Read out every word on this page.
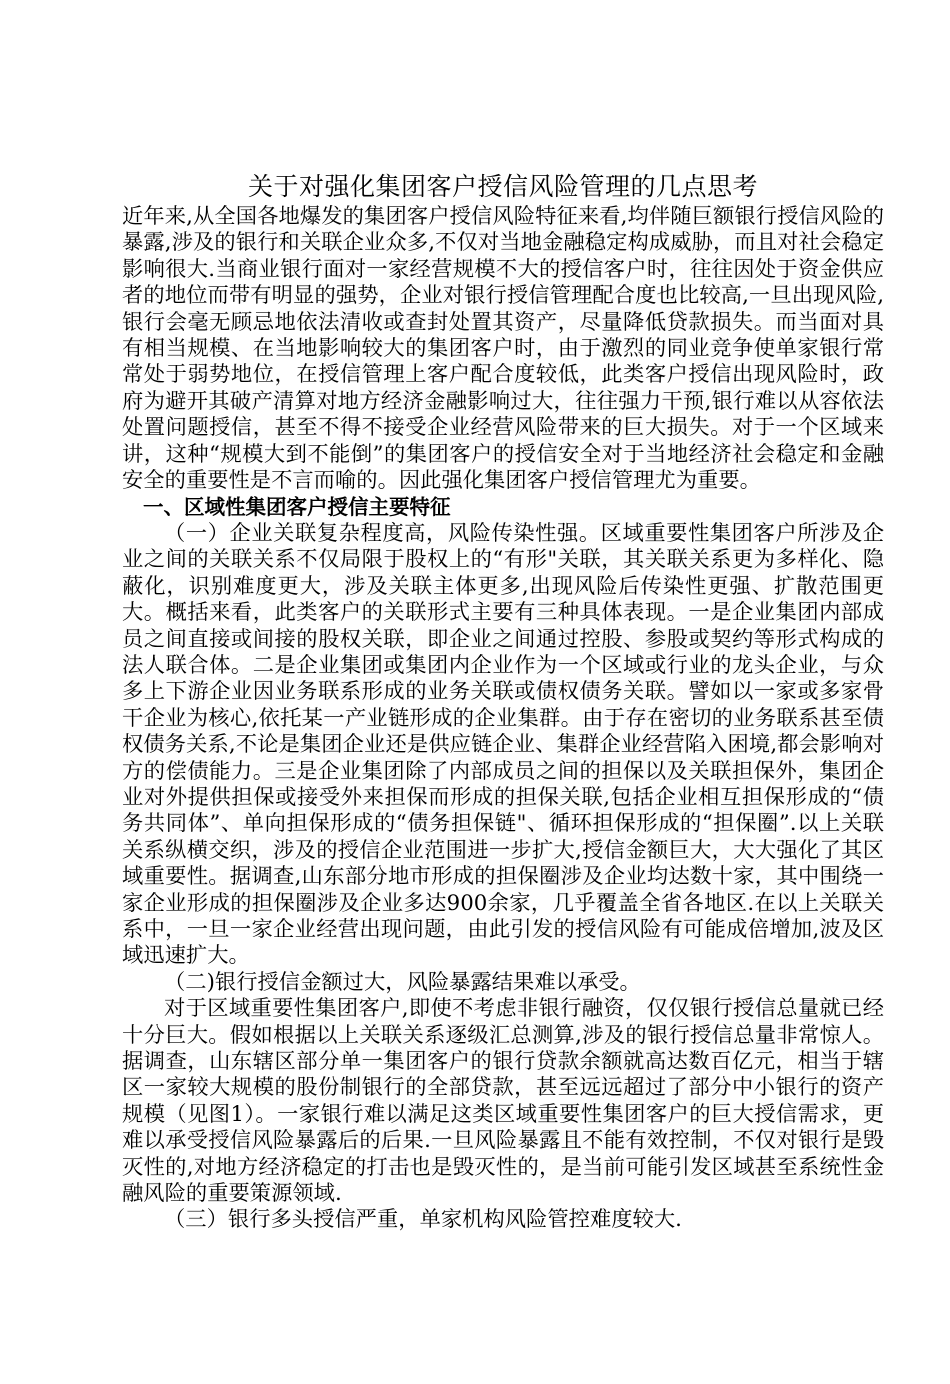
关于对强化集团客户授信风险管理的几点思考

近年来,从全国各地爆发的集团客户授信风险特征来看,均伴随巨额银行授信风险的暴露,涉及的银行和关联企业众多,不仅对当地金融稳定构成威胁，而且对社会稳定影响很大.当商业银行面对一家经营规模不大的授信客户时，往往因处于资金供应者的地位而带有明显的强势，企业对银行授信管理配合度也比较高,一旦出现风险,银行会毫无顾忌地依法清收或查封处置其资产，尽量降低贷款损失。而当面对具有相当规模、在当地影响较大的集团客户时，由于激烈的同业竞争使单家银行常常处于弱势地位，在授信管理上客户配合度较低，此类客户授信出现风险时，政府为避开其破产清算对地方经济金融影响过大，往往强力干预,银行难以从容依法处置问题授信，甚至不得不接受企业经营风险带来的巨大损失。对于一个区域来讲，这种“规模大到不能倒”的集团客户的授信安全对于当地经济社会稳定和金融安全的重要性是不言而喻的。因此强化集团客户授信管理尤为重要。

一、区域性集团客户授信主要特征

（一）企业关联复杂程度高，风险传染性强。区域重要性集团客户所涉及企业之间的关联关系不仅局限于股权上的“有形"关联，其关联关系更为多样化、隐蔽化，识别难度更大，涉及关联主体更多,出现风险后传染性更强、扩散范围更大。概括来看，此类客户的关联形式主要有三种具体表现。一是企业集团内部成员之间直接或间接的股权关联，即企业之间通过控股、参股或契约等形式构成的法人联合体。二是企业集团或集团内企业作为一个区域或行业的龙头企业，与众多上下游企业因业务联系形成的业务关联或债权债务关联。譬如以一家或多家骨干企业为核心,依托某一产业链形成的企业集群。由于存在密切的业务联系甚至债权债务关系,不论是集团企业还是供应链企业、集群企业经营陷入困境,都会影响对方的偿债能力。三是企业集团除了内部成员之间的担保以及关联担保外，集团企业对外提供担保或接受外来担保而形成的担保关联,包括企业相互担保形成的“债务共同体”、单向担保形成的“债务担保链"、循环担保形成的“担保圈”.以上关联关系纵横交织，涉及的授信企业范围进一步扩大,授信金额巨大，大大强化了其区域重要性。据调查,山东部分地市形成的担保圈涉及企业均达数十家，其中围绕一家企业形成的担保圈涉及企业多达900余家，几乎覆盖全省各地区.在以上关联关系中，一旦一家企业经营出现问题，由此引发的授信风险有可能成倍增加,波及区域迅速扩大。

（二)银行授信金额过大，风险暴露结果难以承受。

对于区域重要性集团客户,即使不考虑非银行融资，仅仅银行授信总量就已经十分巨大。假如根据以上关联关系逐级汇总测算,涉及的银行授信总量非常惊人。据调查，山东辖区部分单一集团客户的银行贷款余额就高达数百亿元，相当于辖区一家较大规模的股份制银行的全部贷款，甚至远远超过了部分中小银行的资产规模（见图1）。一家银行难以满足这类区域重要性集团客户的巨大授信需求，更难以承受授信风险暴露后的后果.一旦风险暴露且不能有效控制，不仅对银行是毁灭性的,对地方经济稳定的打击也是毁灭性的，是当前可能引发区域甚至系统性金融风险的重要策源领域.

（三）银行多头授信严重，单家机构风险管控难度较大.
